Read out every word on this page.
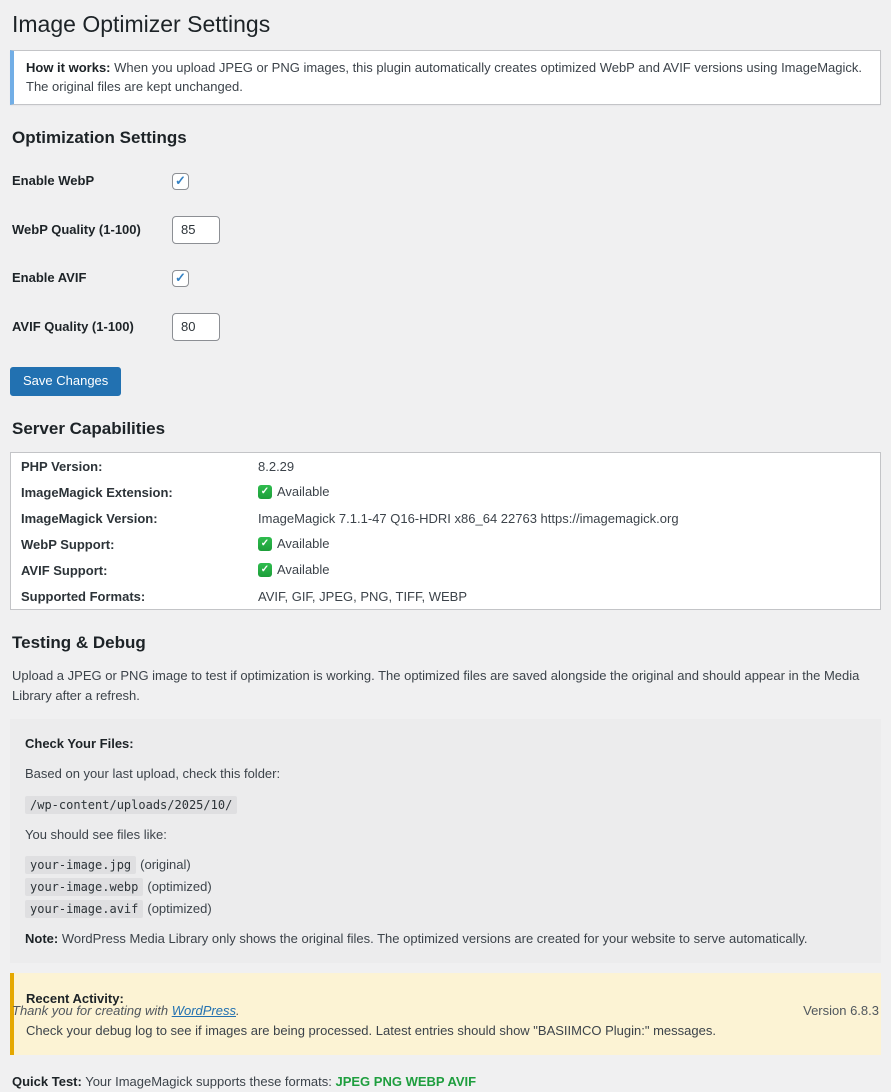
Image Optimizer Settings

How it works: When you upload JPEG or PNG images, this plugin automatically creates optimized WebP and AVIF versions using ImageMagick. The original files are kept unchanged.

Optimization Settings
Enable WebP	✓

WebP Quality (1-100)	85
Enable AVIF	✓

AVIF Quality (1-100)	80

Save Changes

Server Capabilities
PHP Version:	8.2.29
ImageMagick Extension:	✓ Available
ImageMagick Version:	ImageMagick 7.1.1-47 Q16-HDRI x86_64 22763 https://imagemagick.org
WebP Support:	✓ Available
AVIF Support:	✓ Available
Supported Formats:	AVIF, GIF, JPEG, PNG, TIFF, WEBP
Testing & Debug

Upload a JPEG or PNG image to test if optimization is working. The optimized files are saved alongside the original and should appear in the Media Library after a refresh.

Check Your Files:

Based on your last upload, check this folder:

/wp-content/uploads/2025/10/

You should see files like:

your-image.jpg (original)

your-image.webp (optimized)

your-image.avif (optimized)

Note: WordPress Media Library only shows the original files. The optimized versions are created for your website to serve automatically.

Recent Activity:

Check your debug log to see if images are being processed. Latest entries should show "BASIIMCO Plugin:" messages.

Quick Test: Your ImageMagick supports these formats: JPEG PNG WEBP AVIF

Thank you for creating with WordPress.	Version 6.8.3
